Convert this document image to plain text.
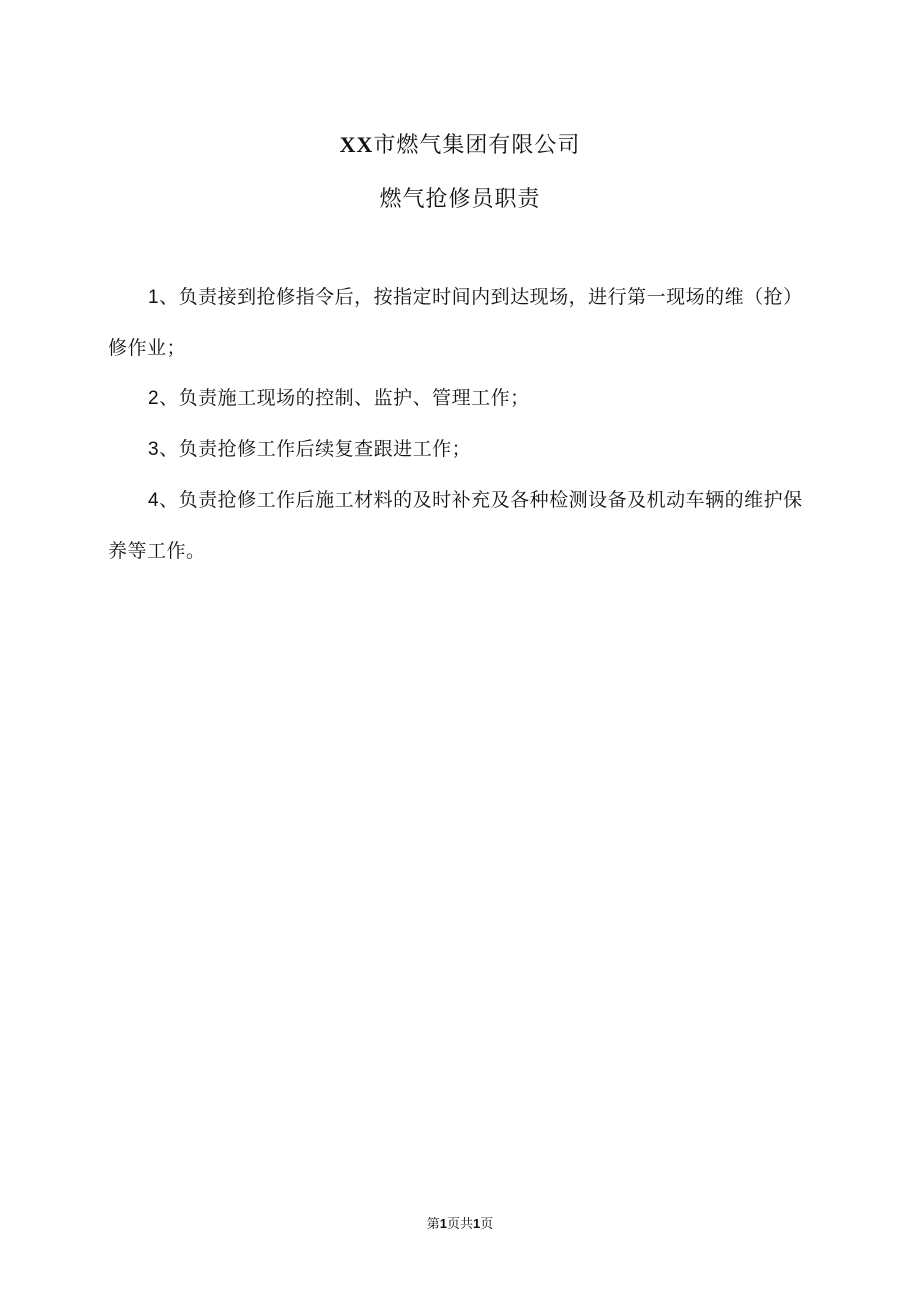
XX市燃气集团有限公司
燃气抢修员职责

1、负责接到抢修指令后，按指定时间内到达现场，进行第一现场的维（抢）修作业；

2、负责施工现场的控制、监护、管理工作；

3、负责抢修工作后续复查跟进工作；

4、负责抢修工作后施工材料的及时补充及各种检测设备及机动车辆的维护保养等工作。

第1页共1页
